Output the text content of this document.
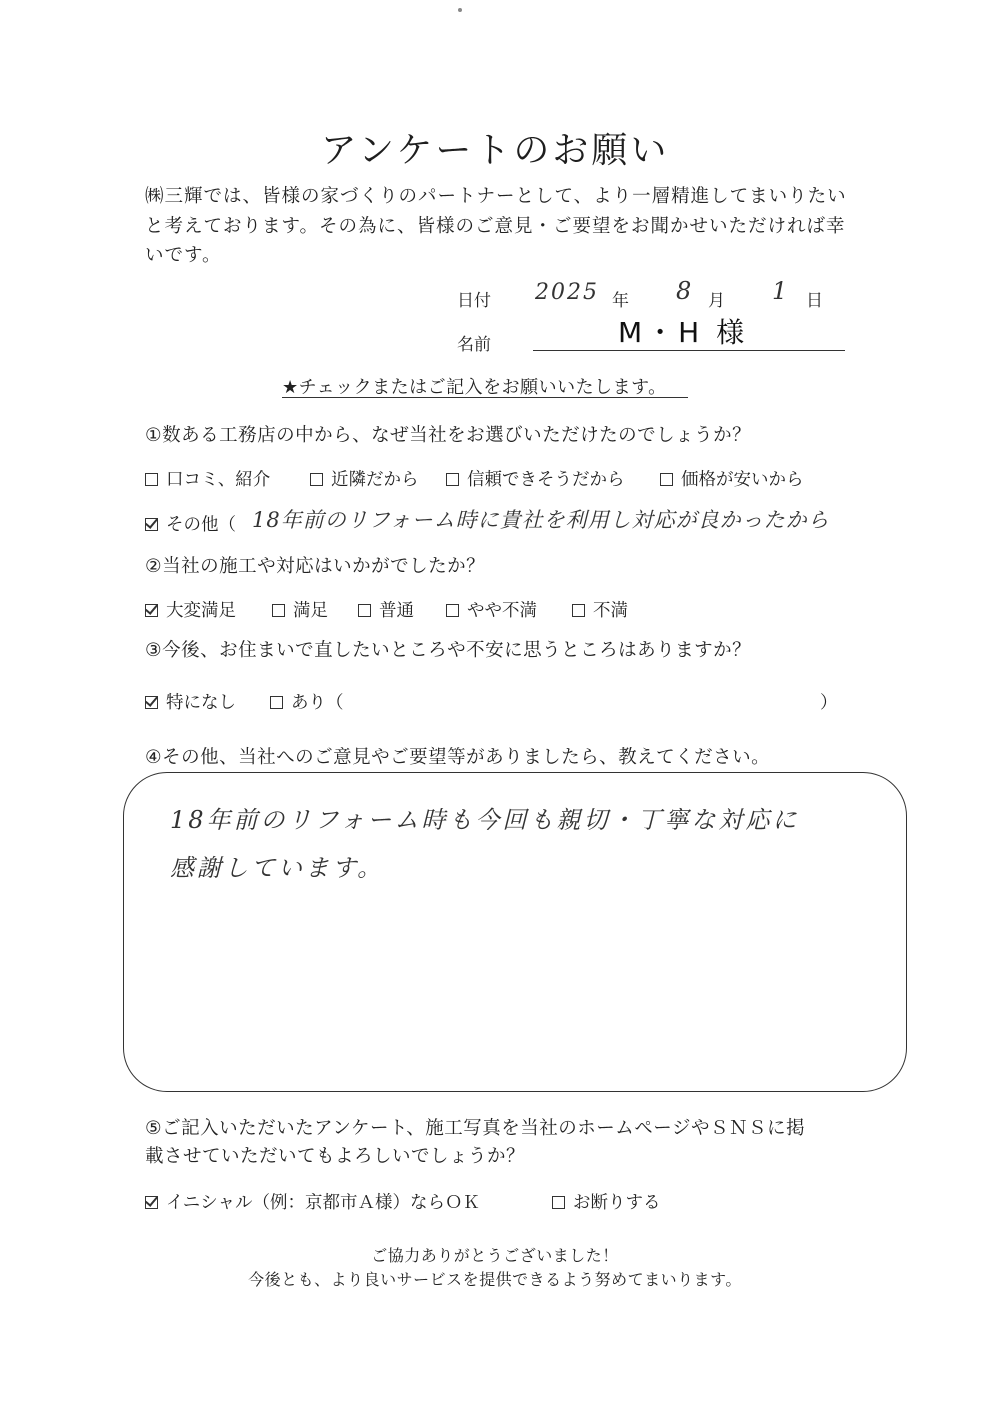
アンケートのお願い
㈱三輝では、皆様の家づくりのパートナーとして、より一層精進してまいりたい
と考えております。その為に、皆様のご意見・ご要望をお聞かせいただければ幸
いです。
日付 2025 年 8 月 1 日
名前	M・H 様
★チェックまたはご記入をお願いいたします。
①数ある工務店の中から、なぜ当社をお選びいただけたのでしょうか？
口コミ、紹介	近隣だから	信頼できそうだから	価格が安いから
その他（ 18年前のリフォーム時に貴社を利用し対応が良かったから
②当社の施工や対応はいかがでしたか？
大変満足	満足	普通	やや不満	不満
③今後、お住まいで直したいところや不安に思うところはありますか？
特になし	あり（	）
④その他、当社へのご意見やご要望等がありましたら、教えてください。
18年前のリフォーム時も今回も親切・丁寧な対応に
感謝しています。
⑤ご記入いただいたアンケート、施工写真を当社のホームページやＳＮＳに掲
載させていただいてもよろしいでしょうか？
イニシャル（例：京都市Ａ様）ならＯＫ	お断りする
ご協力ありがとうございました！
今後とも、より良いサービスを提供できるよう努めてまいります。
